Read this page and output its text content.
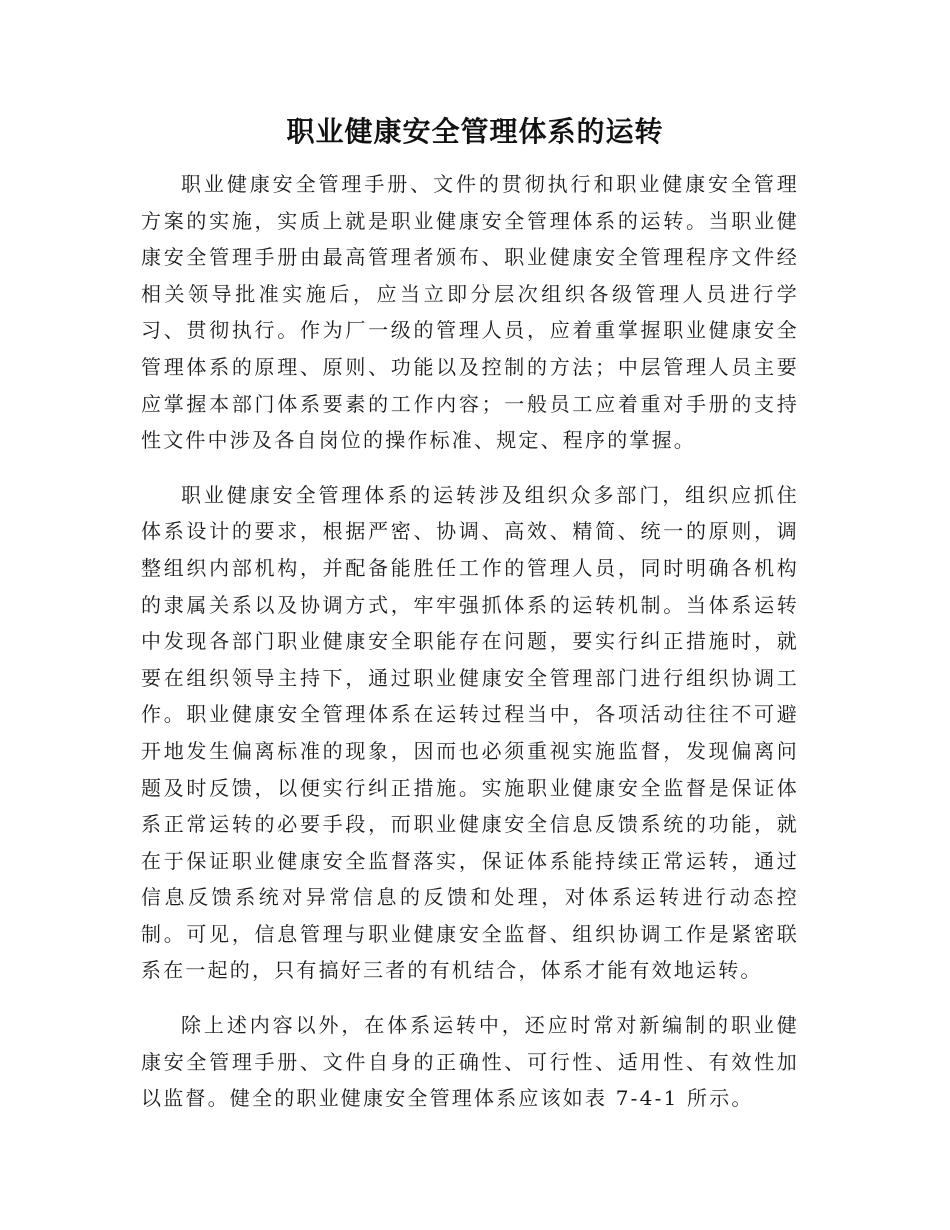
职业健康安全管理体系的运转

职业健康安全管理手册、文件的贯彻执行和职业健康安全管理方案的实施，实质上就是职业健康安全管理体系的运转。当职业健康安全管理手册由最高管理者颁布、职业健康安全管理程序文件经相关领导批准实施后，应当立即分层次组织各级管理人员进行学习、贯彻执行。作为厂一级的管理人员，应着重掌握职业健康安全管理体系的原理、原则、功能以及控制的方法；中层管理人员主要应掌握本部门体系要素的工作内容；一般员工应着重对手册的支持性文件中涉及各自岗位的操作标准、规定、程序的掌握。

职业健康安全管理体系的运转涉及组织众多部门，组织应抓住体系设计的要求，根据严密、协调、高效、精简、统一的原则，调整组织内部机构，并配备能胜任工作的管理人员，同时明确各机构的隶属关系以及协调方式，牢牢强抓体系的运转机制。当体系运转中发现各部门职业健康安全职能存在问题，要实行纠正措施时，就要在组织领导主持下，通过职业健康安全管理部门进行组织协调工作。职业健康安全管理体系在运转过程当中，各项活动往往不可避开地发生偏离标准的现象，因而也必须重视实施监督，发现偏离问题及时反馈，以便实行纠正措施。实施职业健康安全监督是保证体系正常运转的必要手段，而职业健康安全信息反馈系统的功能，就在于保证职业健康安全监督落实，保证体系能持续正常运转，通过信息反馈系统对异常信息的反馈和处理，对体系运转进行动态控制。可见，信息管理与职业健康安全监督、组织协调工作是紧密联系在一起的，只有搞好三者的有机结合，体系才能有效地运转。

除上述内容以外，在体系运转中，还应时常对新编制的职业健康安全管理手册、文件自身的正确性、可行性、适用性、有效性加以监督。健全的职业健康安全管理体系应该如表 7-4-1 所示。
